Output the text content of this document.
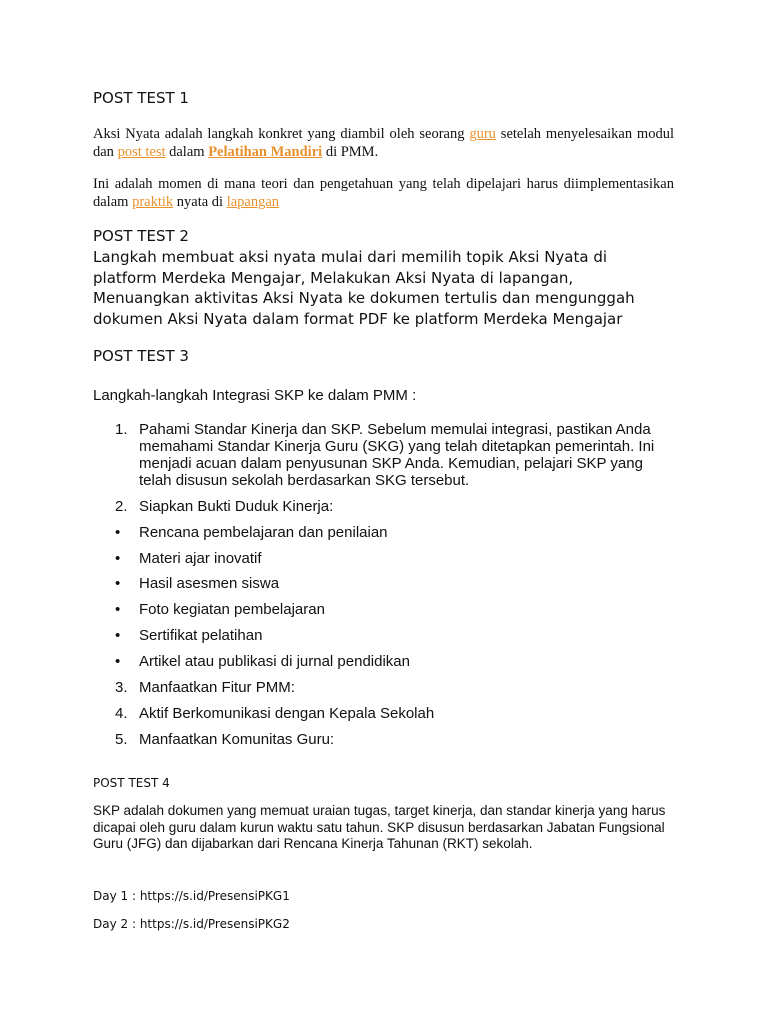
POST TEST 1

Aksi Nyata adalah langkah konkret yang diambil oleh seorang guru setelah menyelesaikan modul dan post test dalam Pelatihan Mandiri di PMM.

Ini adalah momen di mana teori dan pengetahuan yang telah dipelajari harus diimplementasikan dalam praktik nyata di lapangan

POST TEST 2
Langkah membuat aksi nyata mulai dari memilih topik Aksi Nyata di
platform Merdeka Mengajar, Melakukan Aksi Nyata di lapangan,
Menuangkan aktivitas Aksi Nyata ke dokumen tertulis dan mengunggah
dokumen Aksi Nyata dalam format PDF ke platform Merdeka Mengajar
POST TEST 3
Langkah-langkah Integrasi SKP ke dalam PMM :
1. Pahami Standar Kinerja dan SKP. Sebelum memulai integrasi, pastikan Anda memahami Standar Kinerja Guru (SKG) yang telah ditetapkan pemerintah. Ini menjadi acuan dalam penyusunan SKP Anda. Kemudian, pelajari SKP yang telah disusun sekolah berdasarkan SKG tersebut.
2. Siapkan Bukti Duduk Kinerja:
• Rencana pembelajaran dan penilaian
• Materi ajar inovatif
• Hasil asesmen siswa
• Foto kegiatan pembelajaran
• Sertifikat pelatihan
• Artikel atau publikasi di jurnal pendidikan
3. Manfaatkan Fitur PMM:
4. Aktif Berkomunikasi dengan Kepala Sekolah
5. Manfaatkan Komunitas Guru:
POST TEST 4

SKP adalah dokumen yang memuat uraian tugas, target kinerja, dan standar kinerja yang harus dicapai oleh guru dalam kurun waktu satu tahun. SKP disusun berdasarkan Jabatan Fungsional Guru (JFG) dan dijabarkan dari Rencana Kinerja Tahunan (RKT) sekolah.

Day 1 : https://s.id/PresensiPKG1
Day 2 : https://s.id/PresensiPKG2
